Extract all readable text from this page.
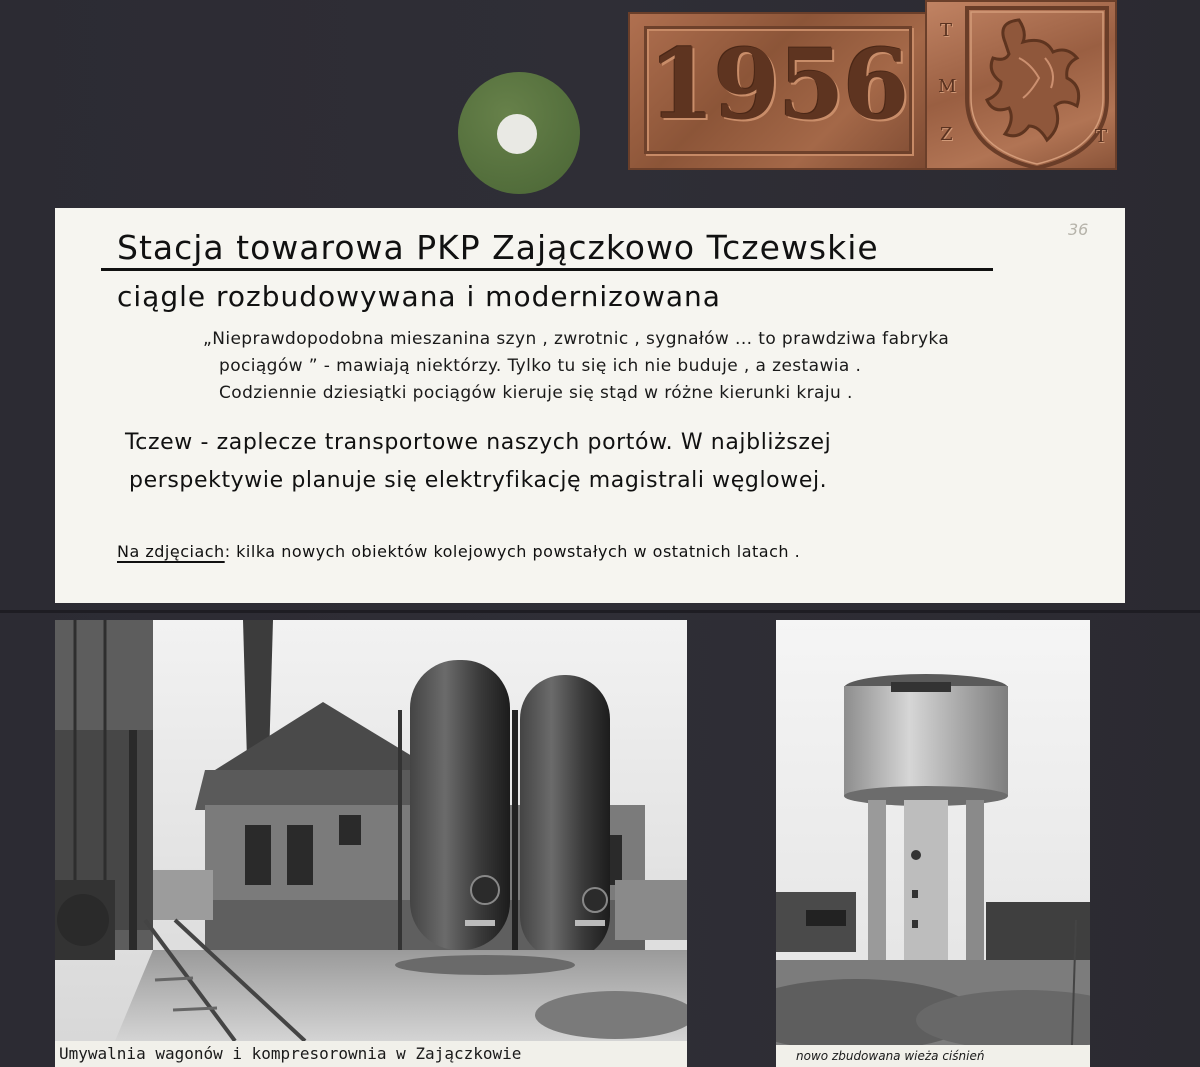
1956	T
M
Z	T
36
Stacja towarowa PKP Zajączkowo Tczewskie
ciągle rozbudowywana i modernizowana
„Nieprawdopodobna mieszanina szyn , zwrotnic , sygnałów ... to prawdziwa fabryka
pociągów ” - mawiają niektórzy. Tylko tu się ich nie buduje , a zestawia .
Codziennie dziesiątki pociągów kieruje się stąd w różne kierunki kraju .
Tczew - zaplecze transportowe naszych portów. W najbliższej
perspektywie planuje się elektryfikację magistrali węglowej.
Na zdjęciach: kilka nowych obiektów kolejowych powstałych w ostatnich latach .
Umywalnia wagonów i kompresorownia w Zajączkowie	nowo zbudowana wieża ciśnień
